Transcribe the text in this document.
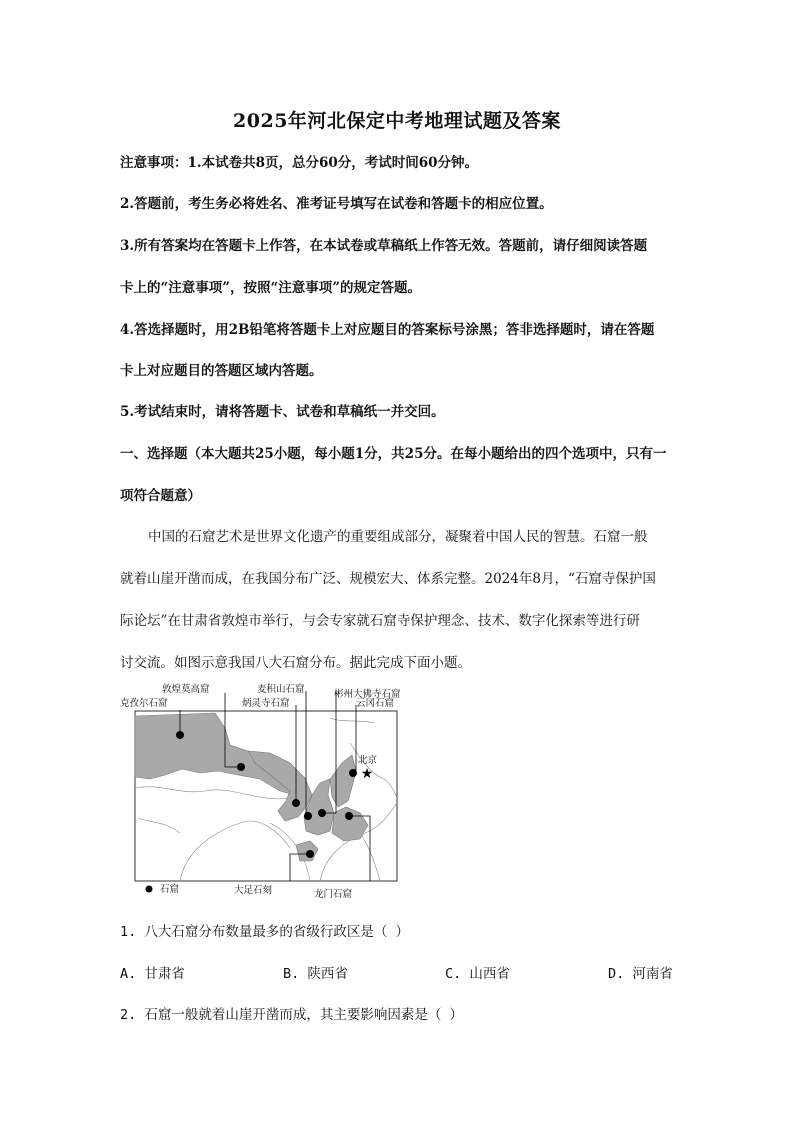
2025年河北保定中考地理试题及答案
注意事项：1.本试卷共8页，总分60分，考试时间60分钟。
2.答题前，考生务必将姓名、准考证号填写在试卷和答题卡的相应位置。
3.所有答案均在答题卡上作答，在本试卷或草稿纸上作答无效。答题前，请仔细阅读答题
卡上的“注意事项”，按照“注意事项”的规定答题。
4.答选择题时，用2B铅笔将答题卡上对应题目的答案标号涂黑；答非选择题时，请在答题
卡上对应题目的答题区域内答题。
5.考试结束时，请将答题卡、试卷和草稿纸一并交回。
一、选择题（本大题共25小题，每小题1分，共25分。在每小题给出的四个选项中，只有一
项符合题意）
中国的石窟艺术是世界文化遗产的重要组成部分，凝聚着中国人民的智慧。石窟一般
就着山崖开凿而成，在我国分布广泛、规模宏大、体系完整。2024年8月，“石窟寺保护国
际论坛”在甘肃省敦煌市举行，与会专家就石窟寺保护理念、技术、数字化探索等进行研
讨交流。如图示意我国八大石窟分布。据此完成下面小题。
★
北京
敦煌莫高窟	麦积山石窟	彬州大佛寺石窟
克孜尔石窟	炳灵寺石窟	云冈石窟
大足石刻	龙门石窟
石窟
1. 八大石窟分布数量最多的省级行政区是（ ）
A. 甘肃省	B. 陕西省	C. 山西省	D. 河南省
2. 石窟一般就着山崖开凿而成，其主要影响因素是（ ）
